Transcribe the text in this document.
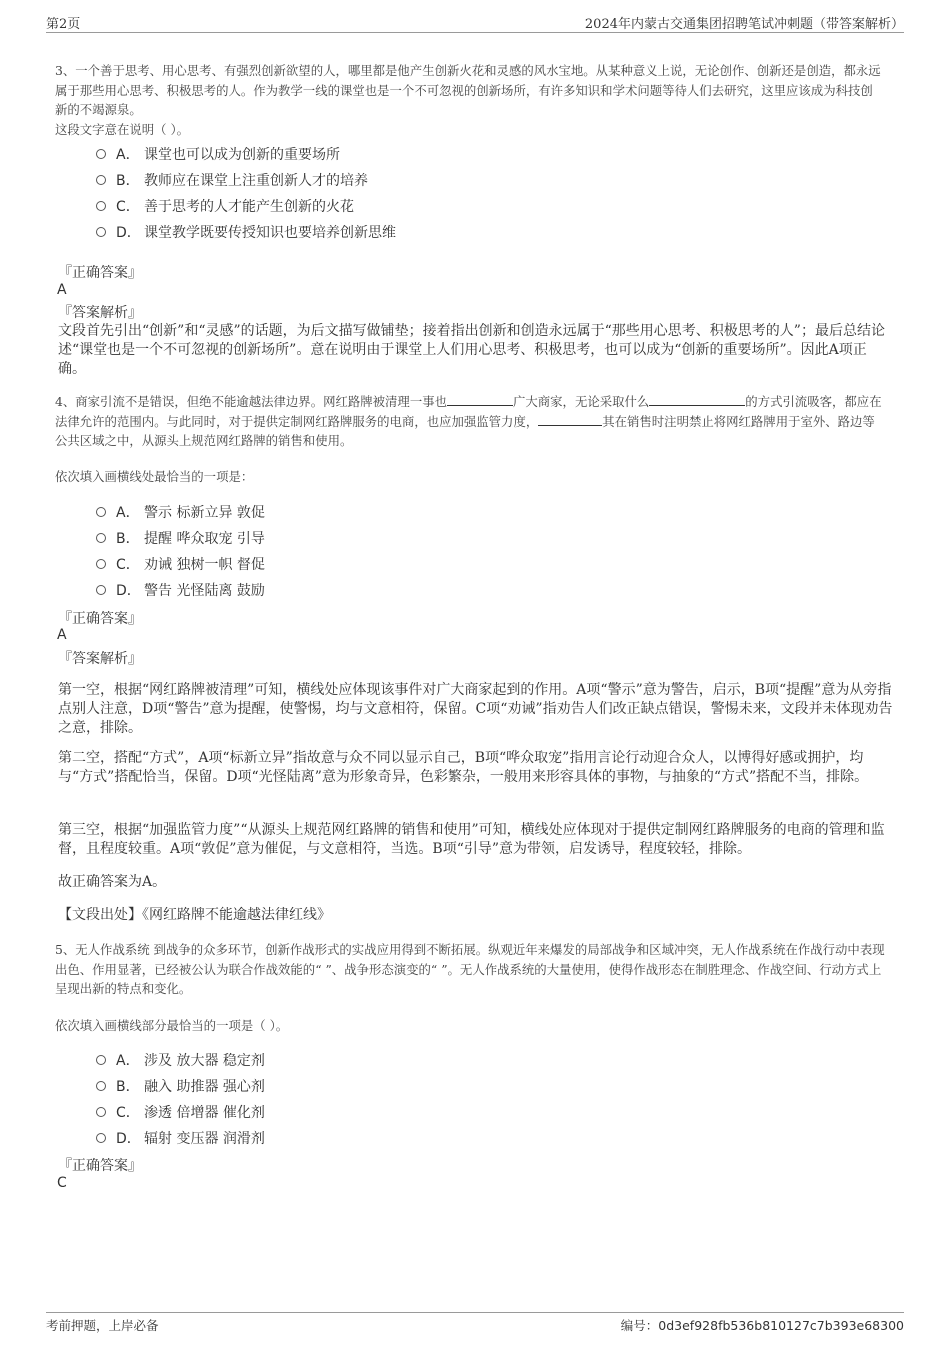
第2页	2024年内蒙古交通集团招聘笔试冲刺题（带答案解析）
3、一个善于思考、用心思考、有强烈创新欲望的人，哪里都是他产生创新火花和灵感的风水宝地。从某种意义上说，无论创作、创新还是创造，都永远属于那些用心思考、积极思考的人。作为教学一线的课堂也是一个不可忽视的创新场所，有许多知识和学术问题等待人们去研究，这里应该成为科技创新的不竭源泉。
这段文字意在说明（ ）。
A． 课堂也可以成为创新的重要场所
B． 教师应在课堂上注重创新人才的培养
C． 善于思考的人才能产生创新的火花
D． 课堂教学既要传授知识也要培养创新思维
『正确答案』
A
『答案解析』
文段首先引出“创新”和“灵感”的话题，为后文描写做铺垫；接着指出创新和创造永远属于“那些用心思考、积极思考的人”；最后总结论述“课堂也是一个不可忽视的创新场所”。意在说明由于课堂上人们用心思考、积极思考，也可以成为“创新的重要场所”。因此A项正确。
4、商家引流不是错误，但绝不能逾越法律边界。网红路牌被清理一事也	广大商家，无论采取什么	的方式引流吸客，都应在法律允许的范围内。与此同时，对于提供定制网红路牌服务的电商，也应加强监管力度，	其在销售时注明禁止将网红路牌用于室外、路边等公共区域之中，从源头上规范网红路牌的销售和使用。
依次填入画横线处最恰当的一项是：
A． 警示 标新立异 敦促
B． 提醒 哗众取宠 引导
C． 劝诫 独树一帜 督促
D． 警告 光怪陆离 鼓励
『正确答案』
A
『答案解析』
第一空，根据“网红路牌被清理”可知，横线处应体现该事件对广大商家起到的作用。A项“警示”意为警告，启示，B项“提醒”意为从旁指点别人注意，D项“警告”意为提醒，使警惕，均与文意相符，保留。C项“劝诫”指劝告人们改正缺点错误，警惕未来，文段并未体现劝告之意，排除。
第二空，搭配“方式”，A项“标新立异”指故意与众不同以显示自己，B项“哗众取宠”指用言论行动迎合众人，以博得好感或拥护，均与“方式”搭配恰当，保留。D项“光怪陆离”意为形象奇异，色彩繁杂，一般用来形容具体的事物，与抽象的“方式”搭配不当，排除。
第三空，根据“加强监管力度”“从源头上规范网红路牌的销售和使用”可知，横线处应体现对于提供定制网红路牌服务的电商的管理和监督，且程度较重。A项“敦促”意为催促，与文意相符，当选。B项“引导”意为带领，启发诱导，程度较轻，排除。
故正确答案为A。
【文段出处】《网红路牌不能逾越法律红线》
5、无人作战系统 到战争的众多环节，创新作战形式的实战应用得到不断拓展。纵观近年来爆发的局部战争和区域冲突，无人作战系统在作战行动中表现出色、作用显著，已经被公认为联合作战效能的“ ”、战争形态演变的“ ”。无人作战系统的大量使用，使得作战形态在制胜理念、作战空间、行动方式上呈现出新的特点和变化。
依次填入画横线部分最恰当的一项是（ ）。
A． 涉及 放大器 稳定剂
B． 融入 助推器 强心剂
C． 渗透 倍增器 催化剂
D． 辐射 变压器 润滑剂
『正确答案』
C
考前押题，上岸必备	编号：0d3ef928fb536b810127c7b393e68300
